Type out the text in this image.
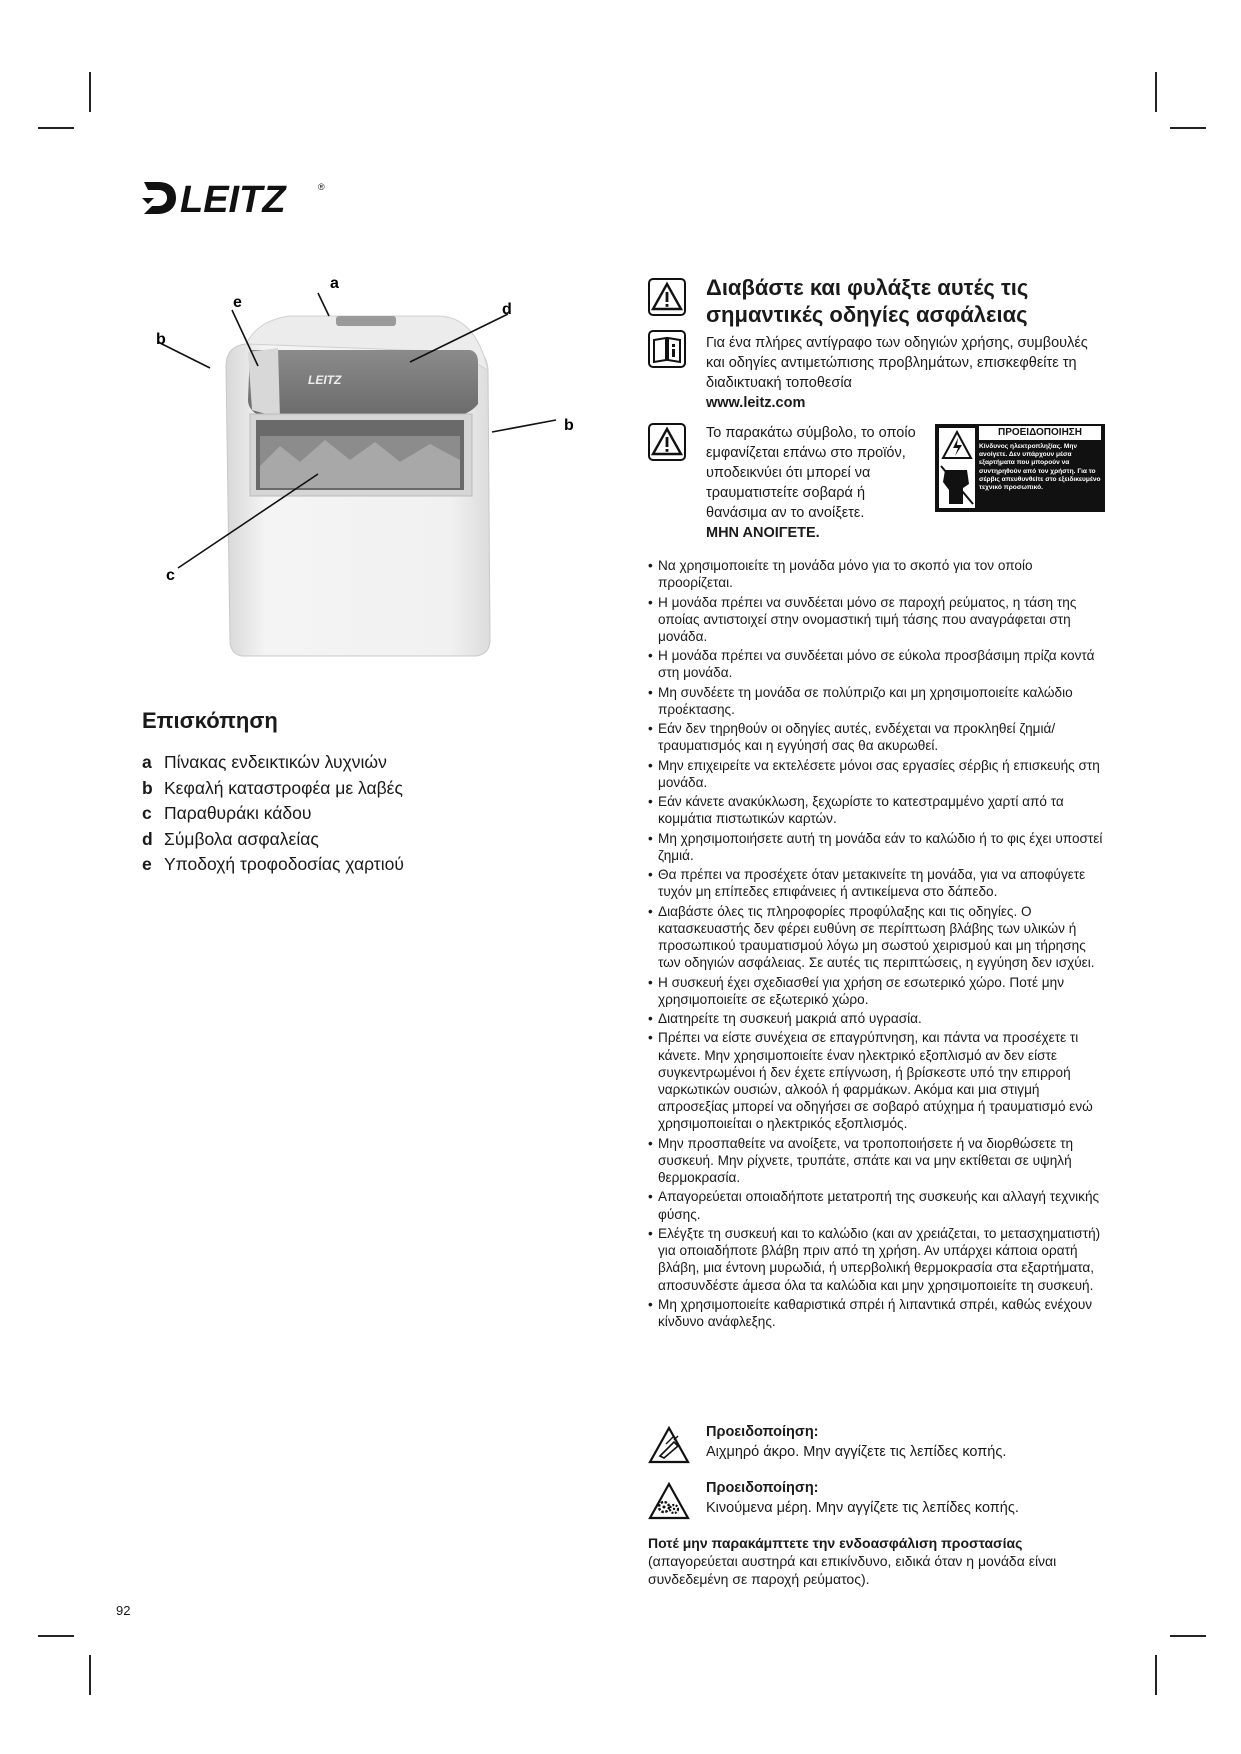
LEITZ	®
LEITZ
a
e
b
d
b
c
Επισκόπηση
a Πίνακας ενδεικτικών λυχνιών
b Κεφαλή καταστροφέα με λαβές
c Παραθυράκι κάδου
d Σύμβολα ασφαλείας
e Υποδοχή τροφοδοσίας χαρτιού
Διαβάστε και φυλάξτε αυτές τις
σημαντικές οδηγίες ασφάλειας
Για ένα πλήρες αντίγραφο των οδηγιών χρήσης, συμβουλές και οδηγίες αντιμετώπισης προβλημάτων, επισκεφθείτε τη διαδικτυακή τοποθεσία
www.leitz.com
Το παρακάτω σύμβολο, το οποίο εμφανίζεται επάνω στο προϊόν, υποδεικνύει ότι μπορεί να τραυματιστείτε σοβαρά ή θανάσιμα αν το ανοίξετε.
ΜΗΝ ΑΝΟΙΓΕΤΕ.
ΠΡΟΕΙΔΟΠΟΙΗΣΗ
Κίνδυνος ηλεκτροπληξίας. Μην ανοίγετε. Δεν υπάρχουν μέσα εξαρτήματα που μπορούν να συντηρηθούν από τον χρήστη. Για το σέρβις απευθυνθείτε στο εξειδικευμένο τεχνικό προσωπικό.
• Να χρησιμοποιείτε τη μονάδα μόνο για το σκοπό για τον οποίο προορίζεται.
• Η μονάδα πρέπει να συνδέεται μόνο σε παροχή ρεύματος, η τάση της οποίας αντιστοιχεί στην ονομαστική τιμή τάσης που αναγράφεται στη μονάδα.
• Η μονάδα πρέπει να συνδέεται μόνο σε εύκολα προσβάσιμη πρίζα κοντά στη μονάδα.
• Μη συνδέετε τη μονάδα σε πολύπριζο και μη χρησιμοποιείτε καλώδιο προέκτασης.
• Εάν δεν τηρηθούν οι οδηγίες αυτές, ενδέχεται να προκληθεί ζημιά/ τραυματισμός και η εγγύησή σας θα ακυρωθεί.
• Μην επιχειρείτε να εκτελέσετε μόνοι σας εργασίες σέρβις ή επισκευής στη μονάδα.
• Εάν κάνετε ανακύκλωση, ξεχωρίστε το κατεστραμμένο χαρτί από τα κομμάτια πιστωτικών καρτών.
• Μη χρησιμοποιήσετε αυτή τη μονάδα εάν το καλώδιο ή το φις έχει υποστεί ζημιά.
• Θα πρέπει να προσέχετε όταν μετακινείτε τη μονάδα, για να αποφύγετε τυχόν μη επίπεδες επιφάνειες ή αντικείμενα στο δάπεδο.
• Διαβάστε όλες τις πληροφορίες προφύλαξης και τις οδηγίες. Ο κατασκευαστής δεν φέρει ευθύνη σε περίπτωση βλάβης των υλικών ή προσωπικού τραυματισμού λόγω μη σωστού χειρισμού και μη τήρησης των οδηγιών ασφάλειας. Σε αυτές τις περιπτώσεις, η εγγύηση δεν ισχύει.
• Η συσκευή έχει σχεδιασθεί για χρήση σε εσωτερικό χώρο. Ποτέ μην χρησιμοποιείτε σε εξωτερικό χώρο.
• Διατηρείτε τη συσκευή μακριά από υγρασία.
• Πρέπει να είστε συνέχεια σε επαγρύπνηση, και πάντα να προσέχετε τι κάνετε. Μην χρησιμοποιείτε έναν ηλεκτρικό εξοπλισμό αν δεν είστε συγκεντρωμένοι ή δεν έχετε επίγνωση, ή βρίσκεστε υπό την επιρροή ναρκωτικών ουσιών, αλκοόλ ή φαρμάκων. Ακόμα και μια στιγμή απροσεξίας μπορεί να οδηγήσει σε σοβαρό ατύχημα ή τραυματισμό ενώ χρησιμοποιείται ο ηλεκτρικός εξοπλισμός.
• Μην προσπαθείτε να ανοίξετε, να τροποποιήσετε ή να διορθώσετε τη συσκευή. Μην ρίχνετε, τρυπάτε, σπάτε και να μην εκτίθεται σε υψηλή θερμοκρασία.
• Απαγορεύεται οποιαδήποτε μετατροπή της συσκευής και αλλαγή τεχνικής φύσης.
• Ελέγξτε τη συσκευή και το καλώδιο (και αν χρειάζεται, το μετασχηματιστή) για οποιαδήποτε βλάβη πριν από τη χρήση. Αν υπάρχει κάποια ορατή βλάβη, μια έντονη μυρωδιά, ή υπερβολική θερμοκρασία στα εξαρτήματα, αποσυνδέστε άμεσα όλα τα καλώδια και μην χρησιμοποιείτε τη συσκευή.
• Μη χρησιμοποιείτε καθαριστικά σπρέι ή λιπαντικά σπρέι, καθώς ενέχουν κίνδυνο ανάφλεξης.
Προειδοποίηση:
Αιχμηρό άκρο. Μην αγγίζετε τις λεπίδες κοπής.
Προειδοποίηση:
Κινούμενα μέρη. Μην αγγίζετε τις λεπίδες κοπής.
Ποτέ μην παρακάμπτετε την ενδοασφάλιση προστασίας
(απαγορεύεται αυστηρά και επικίνδυνο, ειδικά όταν η μονάδα είναι συνδεδεμένη σε παροχή ρεύματος).
92
